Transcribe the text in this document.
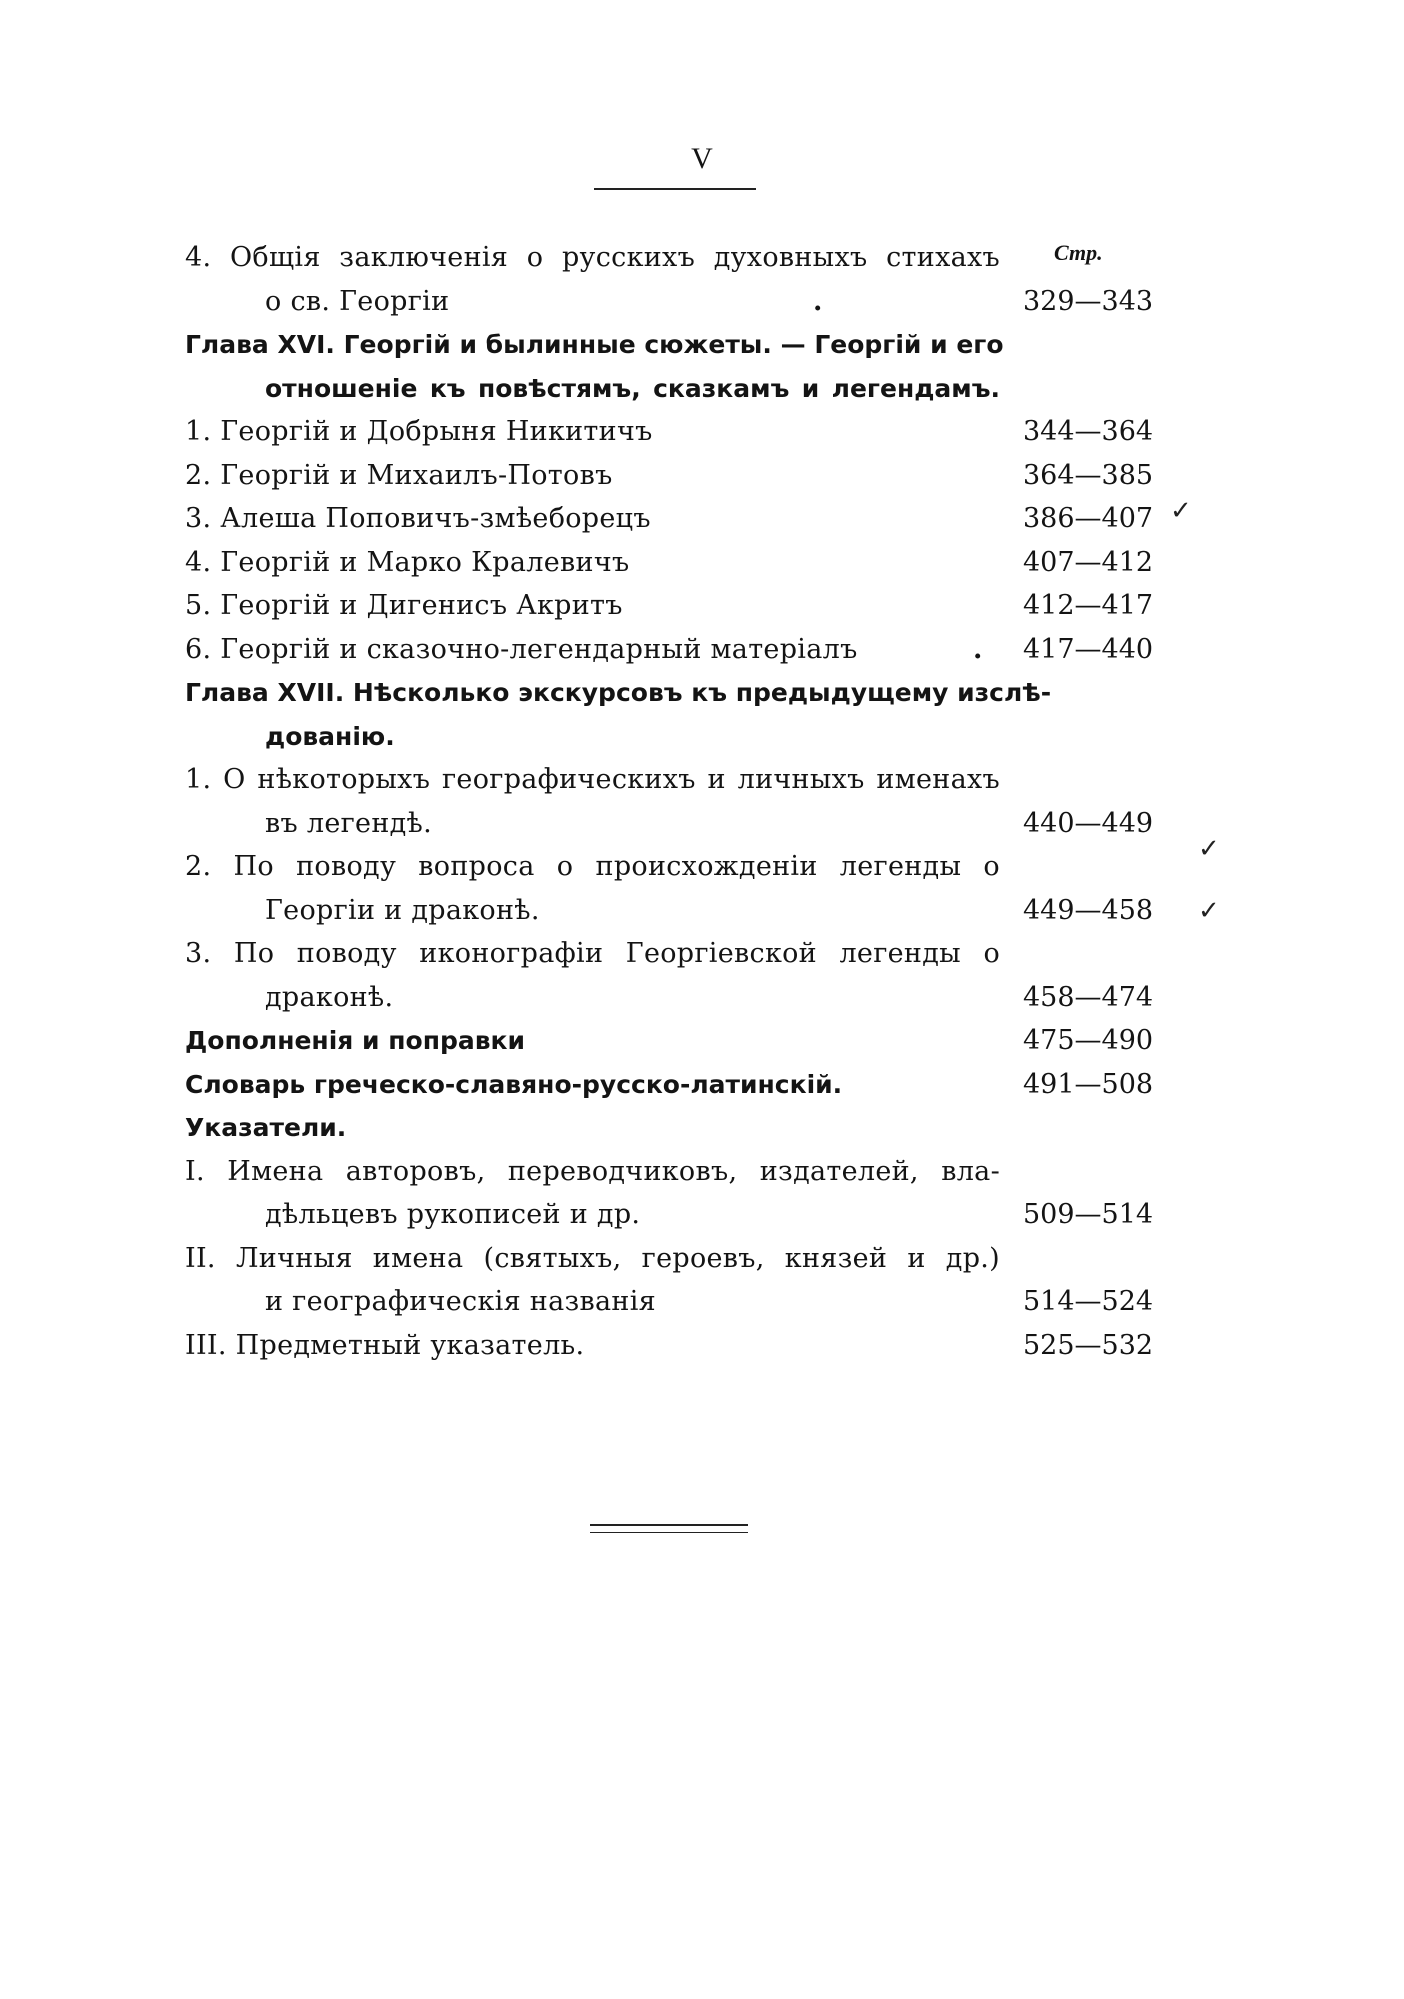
V
Стр.
4. Общія заключенія о русскихъ духовныхъ стихахъ
о св. Георгіи	.	329—343
Глава XVI. Георгій и былинные сюжеты. — Георгій и его
отношеніе къ повѣстямъ, сказкамъ и легендамъ.
1. Георгій и Добрыня Никитичъ	344—364
2. Георгій и Михаилъ-Потовъ	364—385
3. Алеша Поповичъ-змѣеборецъ	386—407
4. Георгій и Марко Кралевичъ	407—412
5. Георгій и Дигенисъ Акритъ	412—417
6. Георгій и сказочно-легендарный матеріалъ	. 417—440
Глава XVII. Нѣсколько экскурсовъ къ предыдущему изслѣ-
дованію.
1. О нѣкоторыхъ географическихъ и личныхъ именахъ
въ легендѣ.	440—449
2. По поводу вопроса о происхожденіи легенды о
Георгіи и драконѣ.	449—458
3. По поводу иконографіи Георгіевской легенды о
драконѣ.	458—474
Дополненія и поправки	475—490
Словарь греческо-славяно-русско-латинскій.	491—508
Указатели.
I. Имена авторовъ, переводчиковъ, издателей, вла-
дѣльцевъ рукописей и др.	509—514
II. Личныя имена (святыхъ, героевъ, князей и др.)
и географическія названія	514—524
III. Предметный указатель.	525—532
✓
✓
✓
